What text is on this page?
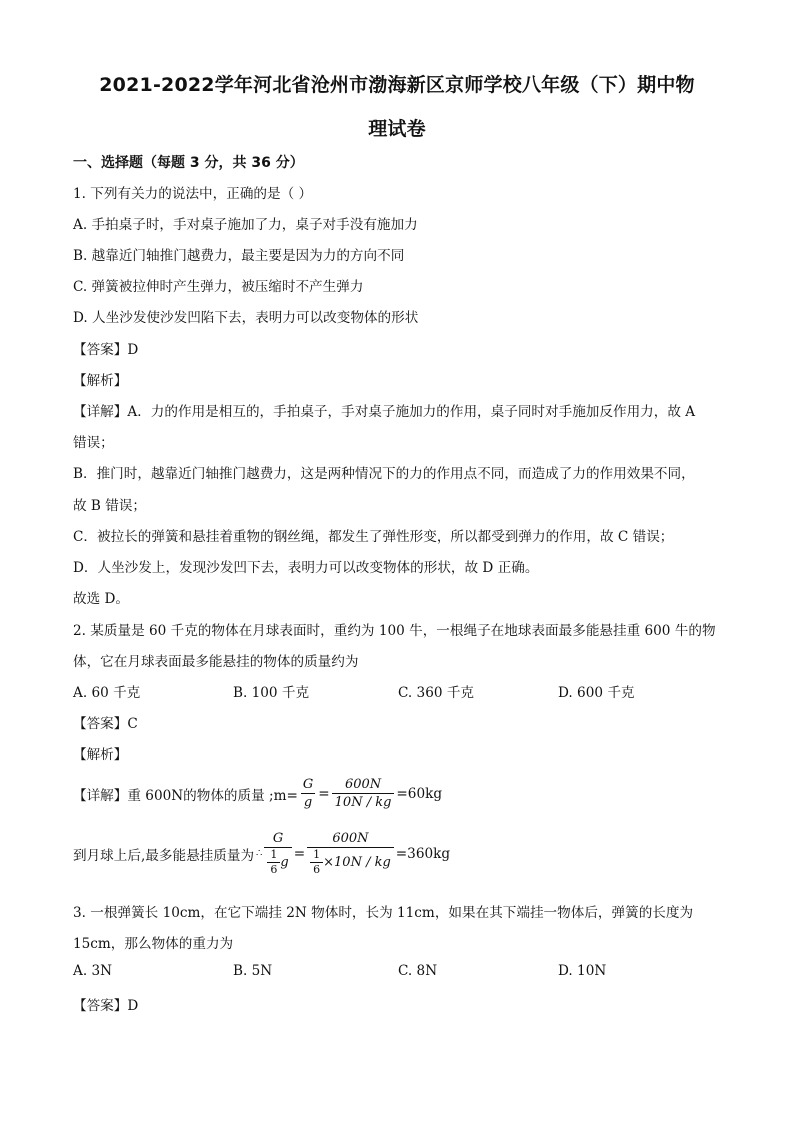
2021-2022学年河北省沧州市渤海新区京师学校八年级（下）期中物
理试卷
一、选择题（每题 3 分，共 36 分）
1. 下列有关力的说法中，正确的是（ ）
A. 手拍桌子时，手对桌子施加了力，桌子对手没有施加力
B. 越靠近门轴推门越费力，最主要是因为力的方向不同
C. 弹簧被拉伸时产生弹力，被压缩时不产生弹力
D. 人坐沙发使沙发凹陷下去，表明力可以改变物体的形状
【答案】D
【解析】
【详解】A．力的作用是相互的，手拍桌子，手对桌子施加力的作用，桌子同时对手施加反作用力，故 A
错误；
B．推门时，越靠近门轴推门越费力，这是两种情况下的力的作用点不同，而造成了力的作用效果不同，
故 B 错误；
C．被拉长的弹簧和悬挂着重物的钢丝绳，都发生了弹性形变，所以都受到弹力的作用，故 C 错误；
D．人坐沙发上，发现沙发凹下去，表明力可以改变物体的形状，故 D 正确。
故选 D。
2. 某质量是 60 千克的物体在月球表面时，重约为 100 牛，一根绳子在地球表面最多能悬挂重 600 牛的物
体，它在月球表面最多能悬挂的物体的质量约为
A. 60 千克	B. 100 千克	C. 360 千克	D. 600 千克
【答案】C
【解析】
【详解】重 600N的物体的质量 ;m= $\frac{G}{g} = \frac{600N}{10N / kg} =60kg$
到月球上后,最多能悬挂质量为 ∴ $\frac{G}{\frac{1}{6} g} = \frac{600N}{\frac{1}{6} \times 10N / kg} =360kg$
3. 一根弹簧长 10cm，在它下端挂 2N 物体时，长为 11cm，如果在其下端挂一物体后，弹簧的长度为
15cm，那么物体的重力为
A. 3N	B. 5N	C. 8N	D. 10N
【答案】D
